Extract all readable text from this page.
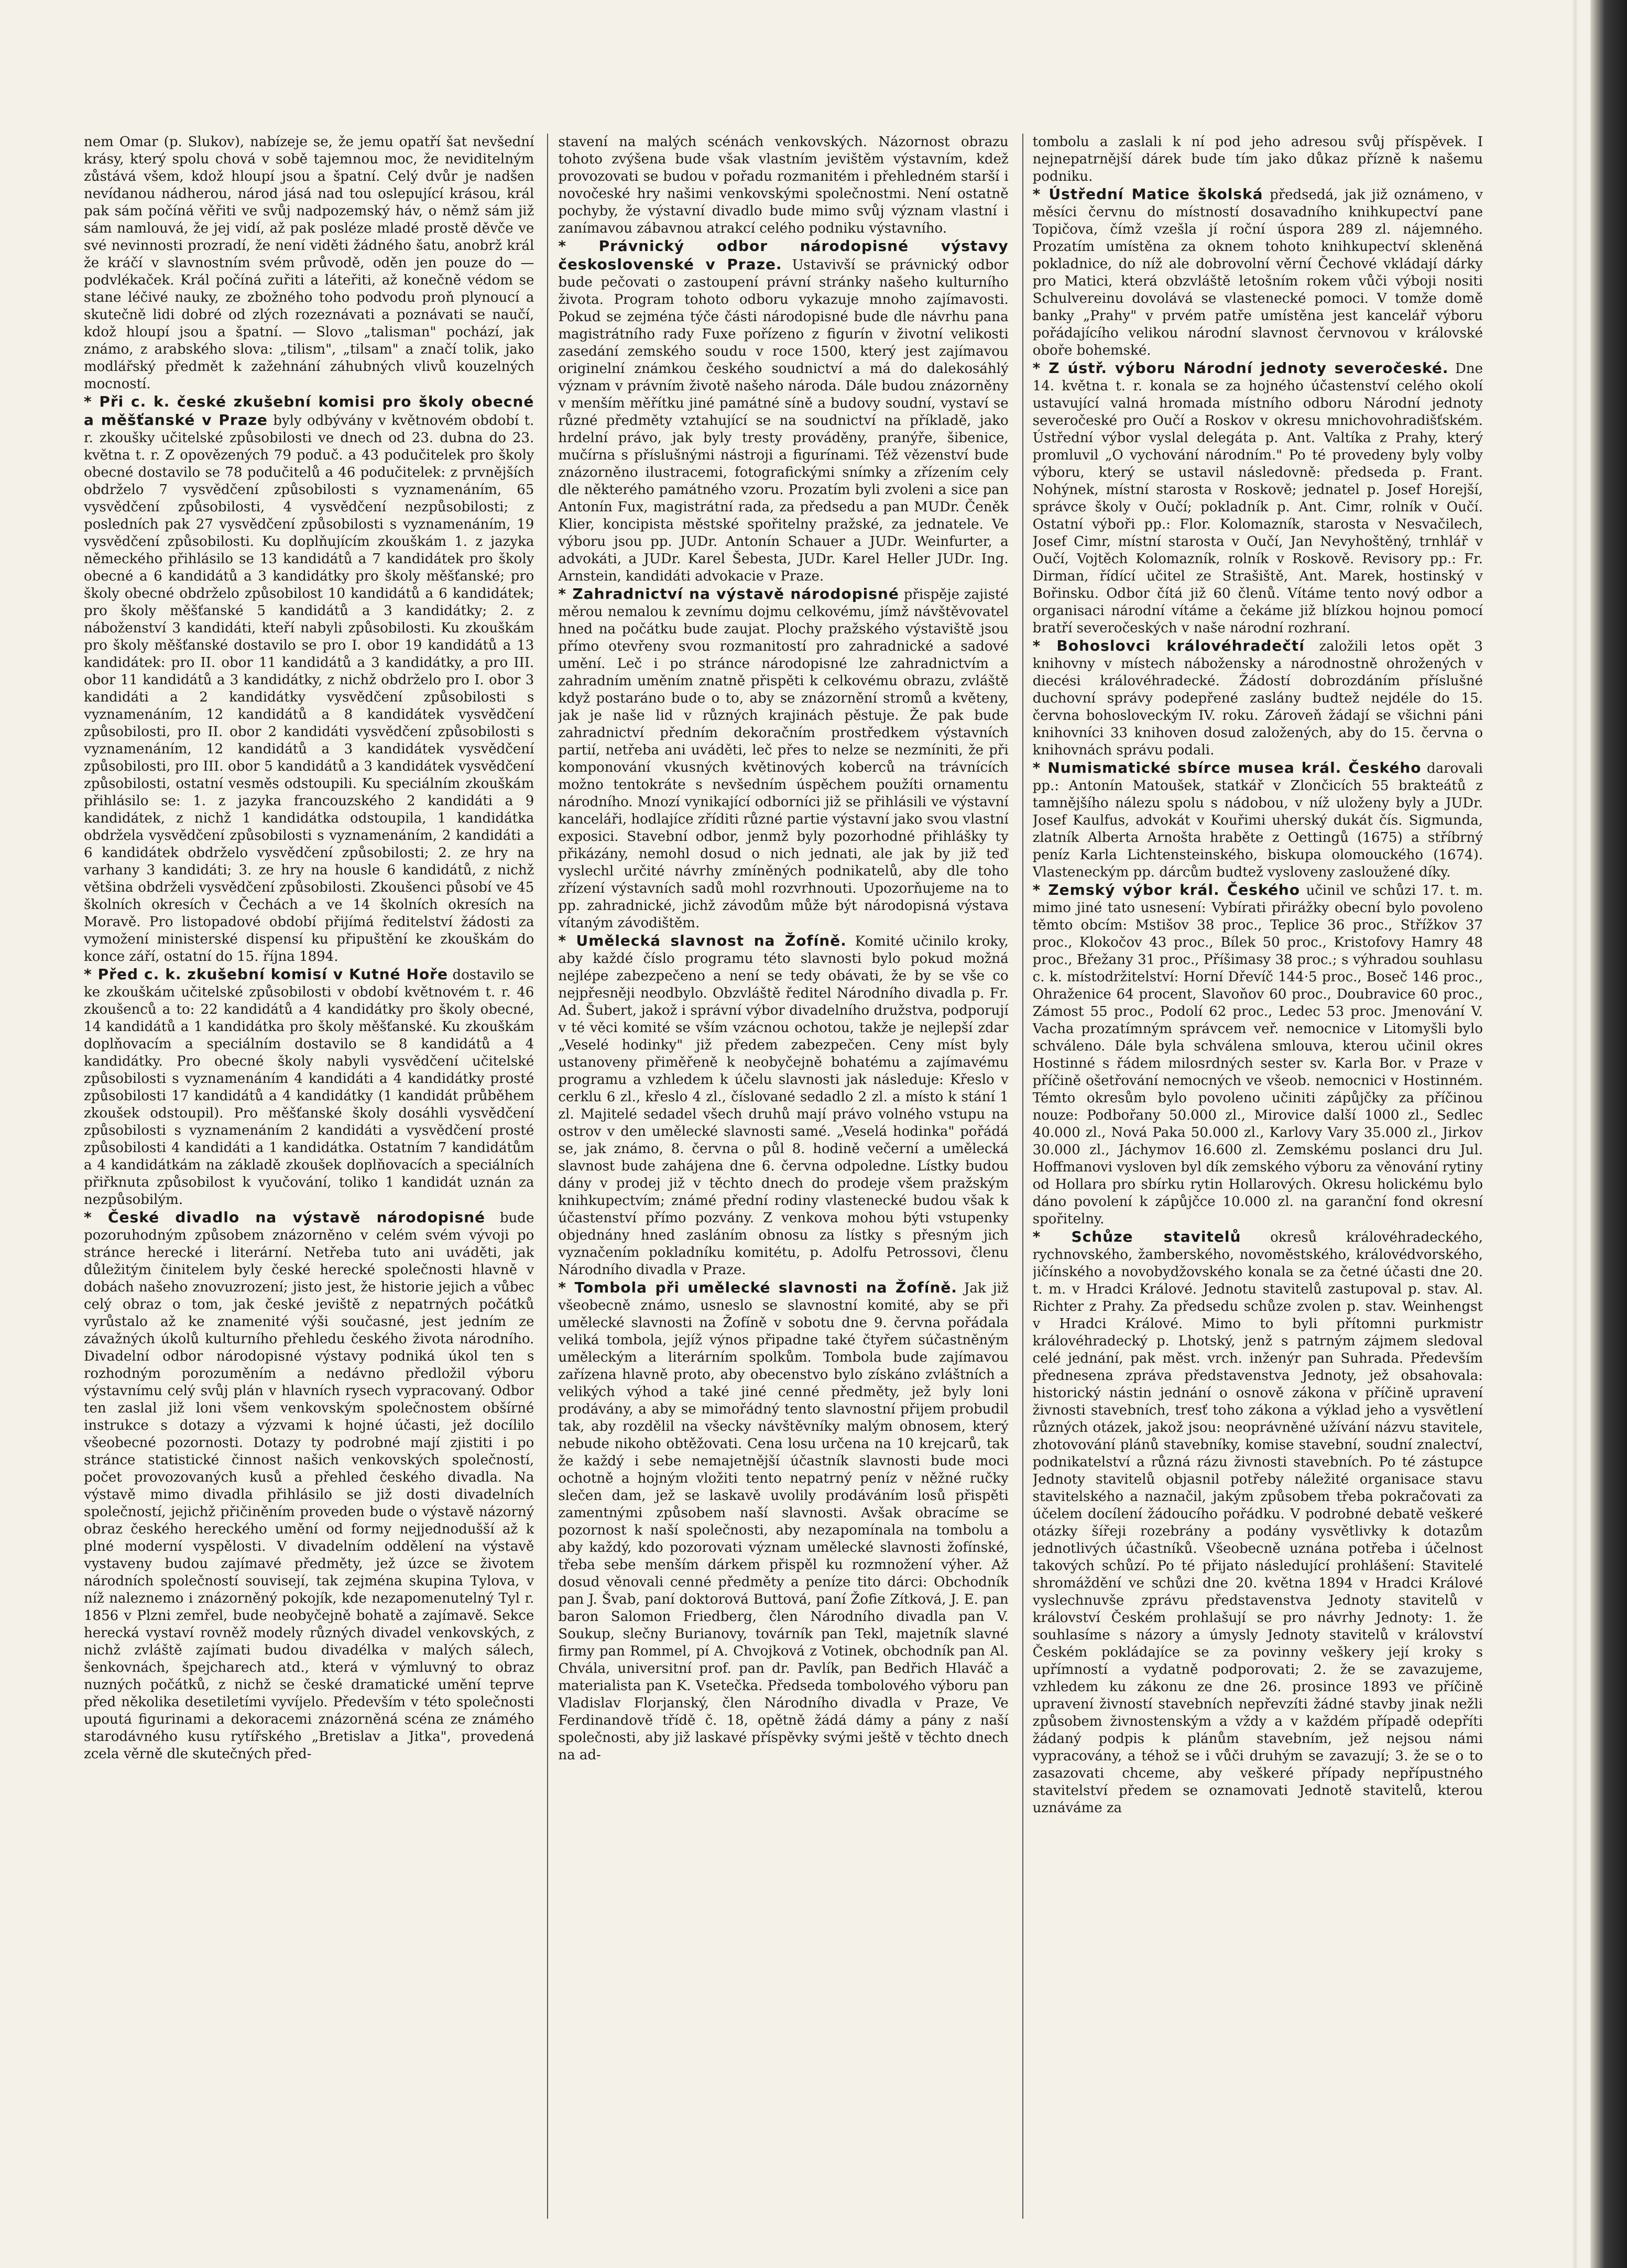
nem Omar (p. Slukov), nabízeje se, že jemu opatří šat nevšední krásy, který spolu chová v sobě tajemnou moc, že neviditelným zůstává všem, kdož hloupí jsou a špatní. Celý dvůr je nadšen nevídanou nádherou, národ jásá nad tou oslepující krásou, král pak sám počíná věřiti ve svůj nadpozemský háv, o němž sám již sám namlouvá, že jej vidí, až pak posléze mladé prostě děvče ve své nevinnosti prozradí, že není viděti žádného šatu, anobrž král že kráčí v slavnostním svém průvodě, oděn jen pouze do — podvlékaček. Král počíná zuřiti a láteřiti, až konečně védom se stane léčivé nauky, ze zbožného toho podvodu proň plynoucí a skutečně lidi dobré od zlých rozeznávati a poznávati se naučí, kdož hloupí jsou a špatní. — Slovo „talisman" pochází, jak známo, z arabského slova: „tilism", „tilsam" a značí tolik, jako modlářský předmět k zažehnání záhubných vlivů kouzelných mocností.

* Při c. k. české zkušební komisi pro školy obecné a měšťanské v Praze byly odbývány v květnovém období t. r. zkoušky učitelské způsobilosti ve dnech od 23. dubna do 23. května t. r. Z opovězených 79 poduč. a 43 podučitelek pro školy obecné dostavilo se 78 podučitelů a 46 podučitelek: z prvnějších obdrželo 7 vysvědčení způsobilosti s vyznamenáním, 65 vysvědčení způsobilosti, 4 vysvědčení nezpůsobilosti; z posledních pak 27 vysvědčení způsobilosti s vyznamenáním, 19 vysvědčení způsobilosti. Ku doplňujícím zkouškám 1. z jazyka německého přihlásilo se 13 kandidátů a 7 kandidátek pro školy obecné a 6 kandidátů a 3 kandidátky pro školy měšťanské; pro školy obecné obdrželo způsobilost 10 kandidátů a 6 kandidátek; pro školy měšťanské 5 kandidátů a 3 kandidátky; 2. z náboženství 3 kandidáti, kteří nabyli způsobilosti. Ku zkouškám pro školy měšťanské dostavilo se pro I. obor 19 kandidátů a 13 kandidátek: pro II. obor 11 kandidátů a 3 kandidátky, a pro III. obor 11 kandidátů a 3 kandidátky, z nichž obdrželo pro I. obor 3 kandidáti a 2 kandidátky vysvědčení způsobilosti s vyznamenáním, 12 kandidátů a 8 kandidátek vysvědčení způsobilosti, pro II. obor 2 kandidáti vysvědčení způsobilosti s vyznamenáním, 12 kandidátů a 3 kandidátek vysvědčení způsobilosti, pro III. obor 5 kandidátů a 3 kandidátek vysvědčení způsobilosti, ostatní vesměs odstoupili. Ku speciálním zkouškám přihlásilo se: 1. z jazyka francouzského 2 kandidáti a 9 kandidátek, z nichž 1 kandidátka odstoupila, 1 kandidátka obdržela vysvědčení způsobilosti s vyznamenáním, 2 kandidáti a 6 kandidátek obdrželo vysvědčení způsobilosti; 2. ze hry na varhany 3 kandidáti; 3. ze hry na housle 6 kandidátů, z nichž většina obdrželi vysvědčení způsobilosti. Zkoušenci působí ve 45 školních okresích v Čechách a ve 14 školních okresích na Moravě. Pro listopadové období přijímá ředitelství žádosti za vymožení ministerské dispensí ku připuštění ke zkouškám do konce září, ostatní do 15. října 1894.

* Před c. k. zkušební komisí v Kutné Hoře dostavilo se ke zkouškám učitelské způsobilosti v období květnovém t. r. 46 zkoušenců a to: 22 kandidátů a 4 kandidátky pro školy obecné, 14 kandidátů a 1 kandidátka pro školy měšťanské. Ku zkouškám doplňovacím a speciálním dostavilo se 8 kandidátů a 4 kandidátky. Pro obecné školy nabyli vysvědčení učitelské způsobilosti s vyznamenáním 4 kandidáti a 4 kandidátky prosté způsobilosti 17 kandidátů a 4 kandidátky (1 kandidát průběhem zkoušek odstoupil). Pro měšťanské školy dosáhli vysvědčení způsobilosti s vyznamenáním 2 kandidáti a vysvědčení prosté způsobilosti 4 kandidáti a 1 kandidátka. Ostatním 7 kandidátům a 4 kandidátkám na základě zkoušek doplňovacích a speciálních přiřknuta způsobilost k vyučování, toliko 1 kandidát uznán za nezpůsobilým.

* České divadlo na výstavě národopisné bude pozoruhodným způsobem znázorněno v celém svém vývoji po stránce herecké i literární. Netřeba tuto ani uváděti, jak důležitým činitelem byly české herecké společnosti hlavně v dobách našeho znovuzrození; jisto jest, že historie jejich a vůbec celý obraz o tom, jak české jeviště z nepatrných počátků vyrůstalo až ke znamenité výši současné, jest jedním ze závažných úkolů kulturního přehledu českého života národního. Divadelní odbor národopisné výstavy podniká úkol ten s rozhodným porozuměním a nedávno předložil výboru výstavnímu celý svůj plán v hlavních rysech vypracovaný. Odbor ten zaslal již loni všem venkovským společnostem obšírné instrukce s dotazy a výzvami k hojné účasti, jež docílilo všeobecné pozornosti. Dotazy ty podrobné mají zjistiti i po stránce statistické činnost našich venkovských společností, počet provozovaných kusů a přehled českého divadla. Na výstavě mimo divadla přihlásilo se již dosti divadelních společností, jejichž přičiněním proveden bude o výstavě názorný obraz českého hereckého umění od formy nejjednodušší až k plné moderní vyspělosti. V divadelním oddělení na výstavě vystaveny budou zajímavé předměty, jež úzce se životem národních společností souvisejí, tak zejména skupina Tylova, v níž naleznemo i znázorněný pokojík, kde nezapomenutelný Tyl r. 1856 v Plzni zemřel, bude neobyčejně bohatě a zajímavě. Sekce herecká vystaví rovněž modely různých divadel venkovských, z nichž zvláště zajímati budou divadélka v malých sálech, šenkovnách, špejcharech atd., která v výmluvný to obraz nuzných počátků, z nichž se české dramatické umění teprve před několika desetiletími vyvíjelo. Především v této společnosti upoutá figurinami a dekoracemi znázorněná scéna ze známého starodávného kusu rytířského „Bretislav a Jitka", provedená zcela věrně dle skutečných před-

stavení na malých scénách venkovských. Názornost obrazu tohoto zvýšena bude však vlastním jevištěm výstavním, kdež provozovati se budou v pořadu rozmanitém i přehledném starší i novočeské hry našimi venkovskými společnostmi. Není ostatně pochyby, že výstavní divadlo bude mimo svůj význam vlastní i zanímavou zábavnou atrakcí celého podniku výstavního.

* Právnický odbor národopisné výstavy československé v Praze. Ustavivší se právnický odbor bude pečovati o zastoupení právní stránky našeho kulturního života. Program tohoto odboru vykazuje mnoho zajímavosti. Pokud se zejména týče části národopisné bude dle návrhu pana magistrátního rady Fuxe pořízeno z figurín v životní velikosti zasedání zemského soudu v roce 1500, který jest zajímavou originelní známkou českého soudnictví a má do dalekosáhlý význam v právním životě našeho národa. Dále budou znázorněny v menším měřítku jiné památné síně a budovy soudní, vystaví se různé předměty vztahující se na soudnictví na příkladě, jako hrdelní právo, jak byly tresty prováděny, pranýře, šibenice, mučírna s příslušnými nástroji a figurínami. Též vězenství bude znázorněno ilustracemi, fotografickými snímky a zřízením cely dle některého památného vzoru. Prozatím byli zvoleni a sice pan Antonín Fux, magistrátní rada, za předsedu a pan MUDr. Čeněk Klier, koncipista městské spořitelny pražské, za jednatele. Ve výboru jsou pp. JUDr. Antonín Schauer a JUDr. Weinfurter, a advokáti, a JUDr. Karel Šebesta, JUDr. Karel Heller JUDr. Ing. Arnstein, kandidáti advokacie v Praze.

* Zahradnictví na výstavě národopisné přispěje zajisté měrou nemalou k zevnímu dojmu celkovému, jímž návštěvovatel hned na počátku bude zaujat. Plochy pražského výstaviště jsou přímo otevřeny svou rozmanitostí pro zahradnické a sadové umění. Leč i po stránce národopisné lze zahradnictvím a zahradním uměním znatně přispěti k celkovému obrazu, zvláště když postaráno bude o to, aby se znázornění stromů a květeny, jak je naše lid v různých krajinách pěstuje. Že pak bude zahradnictví předním dekoračním prostředkem výstavních partií, netřeba ani uváděti, leč přes to nelze se nezmíniti, že při komponování vkusných květinových koberců na trávnících možno tentokráte s nevšedním úspěchem použíti ornamentu národního. Mnozí vynikající odborníci již se přihlásili ve výstavní kanceláři, hodlajíce zříditi různé partie výstavní jako svou vlastní exposici. Stavební odbor, jenmž byly pozorhodné přihlášky ty přikázány, nemohl dosud o nich jednati, ale jak by již teď vyslechl určité návrhy zmíněných podnikatelů, aby dle toho zřízení výstavních sadů mohl rozvrhnouti. Upozorňujeme na to pp. zahradnické, jichž závodům může být národopisná výstava vítaným závodištěm.

* Umělecká slavnost na Žofíně. Komité učinilo kroky, aby každé číslo programu této slavnosti bylo pokud možná nejlépe zabezpečeno a není se tedy obávati, že by se vše co nejpřesněji neodbylo. Obzvláště ředitel Národního divadla p. Fr. Ad. Šubert, jakož i správní výbor divadelního družstva, podporují v té věci komité se vším vzácnou ochotou, takže je nejlepší zdar „Veselé hodinky" již předem zabezpečen. Ceny míst byly ustanoveny přiměřeně k neobyčejně bohatému a zajímavému programu a vzhledem k účelu slavnosti jak následuje: Křeslo v cerklu 6 zl., křeslo 4 zl., číslované sedadlo 2 zl. a místo k stání 1 zl. Majitelé sedadel všech druhů mají právo volného vstupu na ostrov v den umělecké slavnosti samé. „Veselá hodinka" pořádá se, jak známo, 8. června o půl 8. hodině večerní a umělecká slavnost bude zahájena dne 6. června odpoledne. Lístky budou dány v prodej již v těchto dnech do prodeje všem pražským knihkupectvím; známé přední rodiny vlastenecké budou však k účastenství přímo pozvány. Z venkova mohou býti vstupenky objednány hned zasláním obnosu za lístky s přesným jich vyznačením pokladníku komitétu, p. Adolfu Petrossovi, členu Národního divadla v Praze.

* Tombola při umělecké slavnosti na Žofíně. Jak již všeobecně známo, usneslo se slavnostní komité, aby se při umělecké slavnosti na Žofíně v sobotu dne 9. června pořádala veliká tombola, jejíž výnos připadne také čtyřem súčastněným uměleckým a literárním spolkům. Tombola bude zajímavou zařízena hlavně proto, aby obecenstvo bylo získáno zvláštních a velikých výhod a také jiné cenné předměty, jež byly loni prodávány, a aby se mimořádný tento slavnostní přijem probudil tak, aby rozdělil na všecky návštěvníky malým obnosem, který nebude nikoho obtěžovati. Cena losu určena na 10 krejcarů, tak že každý i sebe nemajetnější účastník slavnosti bude moci ochotně a hojným vložiti tento nepatrný peníz v něžné ručky slečen dam, jež se laskavě uvolily prodáváním losů přispěti zamentnými způsobem naší slavnosti. Avšak obracíme se pozornost k naší společnosti, aby nezapomínala na tombolu a aby každý, kdo pozorovati význam umělecké slavnosti žofínské, třeba sebe menším dárkem přispěl ku rozmnožení výher. Až dosud věnovali cenné předměty a peníze tito dárci: Obchodník pan J. Švab, paní doktorová Buttová, paní Žofie Zítková, J. E. pan baron Salomon Friedberg, člen Národního divadla pan V. Soukup, slečny Burianovy, továrník pan Tekl, majetník slavné firmy pan Rommel, pí A. Chvojková z Votinek, obchodník pan Al. Chvála, universitní prof. pan dr. Pavlík, pan Bedřich Hlaváč a materialista pan K. Vsetečka. Předseda tombolového výboru pan Vladislav Florjanský, člen Národního divadla v Praze, Ve Ferdinandově třídě č. 18, opětně žádá dámy a pány z naší společnosti, aby již laskavé příspěvky svými ještě v těchto dnech na ad-

tombolu a zaslali k ní pod jeho adresou svůj příspěvek. I nejnepatrnější dárek bude tím jako důkaz přízně k našemu podniku.

* Ústřední Matice školská předsedá, jak již oznámeno, v měsíci červnu do místností dosavadního knihkupectví pane Topičova, čímž vzešla jí roční úspora 289 zl. nájemného. Prozatím umístěna za oknem tohoto knihkupectví skleněná pokladnice, do níž ale dobrovolní věrní Čechové vkládají dárky pro Matici, která obzvláště letošním rokem vůči výboji nositi Schulvereinu dovolává se vlastenecké pomoci. V tomže domě banky „Prahy" v prvém patře umístěna jest kancelář výboru pořádajícího velikou národní slavnost červnovou v královské oboře bohemské.

* Z ústř. výboru Národní jednoty severočeské. Dne 14. května t. r. konala se za hojného účastenství celého okolí ustavující valná hromada místního odboru Národní jednoty severočeské pro Oučí a Roskov v okresu mnichovohradišťském. Ústřední výbor vyslal delegáta p. Ant. Valtíka z Prahy, který promluvil „O vychování národním." Po té provedeny byly volby výboru, který se ustavil následovně: předseda p. Frant. Nohýnek, místní starosta v Roskově; jednatel p. Josef Horejší, správce školy v Oučí; pokladník p. Ant. Cimr, rolník v Oučí. Ostatní výboři pp.: Flor. Kolomazník, starosta v Nesvačilech, Josef Cimr, místní starosta v Oučí, Jan Nevyhoštěný, trnhlář v Oučí, Vojtěch Kolomazník, rolník v Roskově. Revisory pp.: Fr. Dirman, řídící učitel ze Strašiště, Ant. Marek, hostinský v Bořinsku. Odbor čítá již 60 členů. Vítáme tento nový odbor a organisaci národní vítáme a čekáme již blízkou hojnou pomocí bratří severočeských v naše národní rozhraní.

* Bohoslovci královéhradečtí založili letos opět 3 knihovny v místech nábožensky a národnostně ohrožených v diecési královéhradecké. Žádostí dobrozdáním příslušné duchovní správy podepřené zaslány budtež nejdéle do 15. června bohosloveckým IV. roku. Zároveň žádají se všichni páni knihovníci 33 knihoven dosud založených, aby do 15. června o knihovnách správu podali.

* Numismatické sbírce musea král. Českého darovali pp.: Antonín Matoušek, statkář v Zlončicích 55 brakteátů z tamnějšího nálezu spolu s nádobou, v níž uloženy byly a JUDr. Josef Kaulfus, advokát v Kouřimi uherský dukát čís. Sigmunda, zlatník Alberta Arnošta hraběte z Oettingů (1675) a stříbrný peníz Karla Lichtensteinského, biskupa olomouckého (1674). Vlasteneckým pp. dárcům budtež vysloveny zasloužené díky.

* Zemský výbor král. Českého učinil ve schůzi 17. t. m. mimo jiné tato usnesení: Vybírati přirážky obecní bylo povoleno těmto obcím: Mstišov 38 proc., Teplice 36 proc., Střížkov 37 proc., Klokočov 43 proc., Bílek 50 proc., Kristofovy Hamry 48 proc., Břežany 31 proc., Příšimasy 38 proc.; s výhradou souhlasu c. k. místodržitelství: Horní Dřevíč 144·5 proc., Boseč 146 proc., Ohraženice 64 procent, Slavoňov 60 proc., Doubravice 60 proc., Zámost 55 proc., Podolí 62 proc., Ledec 53 proc. Jmenování V. Vacha prozatímným správcem veř. nemocnice v Litomyšli bylo schváleno. Dále byla schválena smlouva, kterou učinil okres Hostinné s řádem milosrdných sester sv. Karla Bor. v Praze v příčině ošetřování nemocných ve všeob. nemocnici v Hostinném. Témto okresům bylo povoleno učiniti zápůjčky za příčinou nouze: Podbořany 50.000 zl., Mirovice další 1000 zl., Sedlec 40.000 zl., Nová Paka 50.000 zl., Karlovy Vary 35.000 zl., Jirkov 30.000 zl., Jáchymov 16.600 zl. Zemskému poslanci dru Jul. Hoffmanovi vysloven byl dík zemského výboru za věnování rytiny od Hollara pro sbírku rytin Hollarových. Okresu holickému bylo dáno povolení k zápůjčce 10.000 zl. na garanční fond okresní spořitelny.

* Schůze stavitelů okresů královéhradeckého, rychnovského, žamberského, novoměstského, královédvorského, jičínského a novobydžovského konala se za četné účasti dne 20. t. m. v Hradci Králové. Jednotu stavitelů zastupoval p. stav. Al. Richter z Prahy. Za předsedu schůze zvolen p. stav. Weinhengst v Hradci Králové. Mimo to byli přítomni purkmistr královéhradecký p. Lhotský, jenž s patrným zájmem sledoval celé jednání, pak měst. vrch. inženýr pan Suhrada. Především přednesena zpráva představenstva Jednoty, jež obsahovala: historický nástin jednání o osnově zákona v příčině upravení živnosti stavebních, tresť toho zákona a výklad jeho a vysvětlení různých otázek, jakož jsou: neoprávněné užívání názvu stavitele, zhotovování plánů stavebníky, komise stavební, soudní znalectví, podnikatelství a různá rázu živnosti stavebních. Po té zástupce Jednoty stavitelů objasnil potřeby náležité organisace stavu stavitelského a naznačil, jakým způsobem třeba pokračovati za účelem docílení žádoucího pořádku. V podrobné debatě veškeré otázky šířeji rozebrány a podány vysvětlivky k dotazům jednotlivých účastníků. Všeobecně uznána potřeba i účelnost takových schůzí. Po té přijato následující prohlášení: Stavitelé shromáždění ve schůzi dne 20. května 1894 v Hradci Králové vyslechnuvše zprávu představenstva Jednoty stavitelů v království Českém prohlašují se pro návrhy Jednoty: 1. že souhlasíme s názory a úmysly Jednoty stavitelů v království Českém pokládajíce se za povinny veškery její kroky s upřímností a vydatně podporovati; 2. že se zavazujeme, vzhledem ku zákonu ze dne 26. prosince 1893 ve příčině upravení živností stavebních nepřevzíti žádné stavby jinak nežli způsobem živnostenským a vždy a v každém případě odepříti žádaný podpis k plánům stavebním, jež nejsou námi vypracovány, a téhož se i vůči druhým se zavazují; 3. že se o to zasazovati chceme, aby veškeré případy nepřípustného stavitelství předem se oznamovati Jednotě stavitelů, kterou uznáváme za
